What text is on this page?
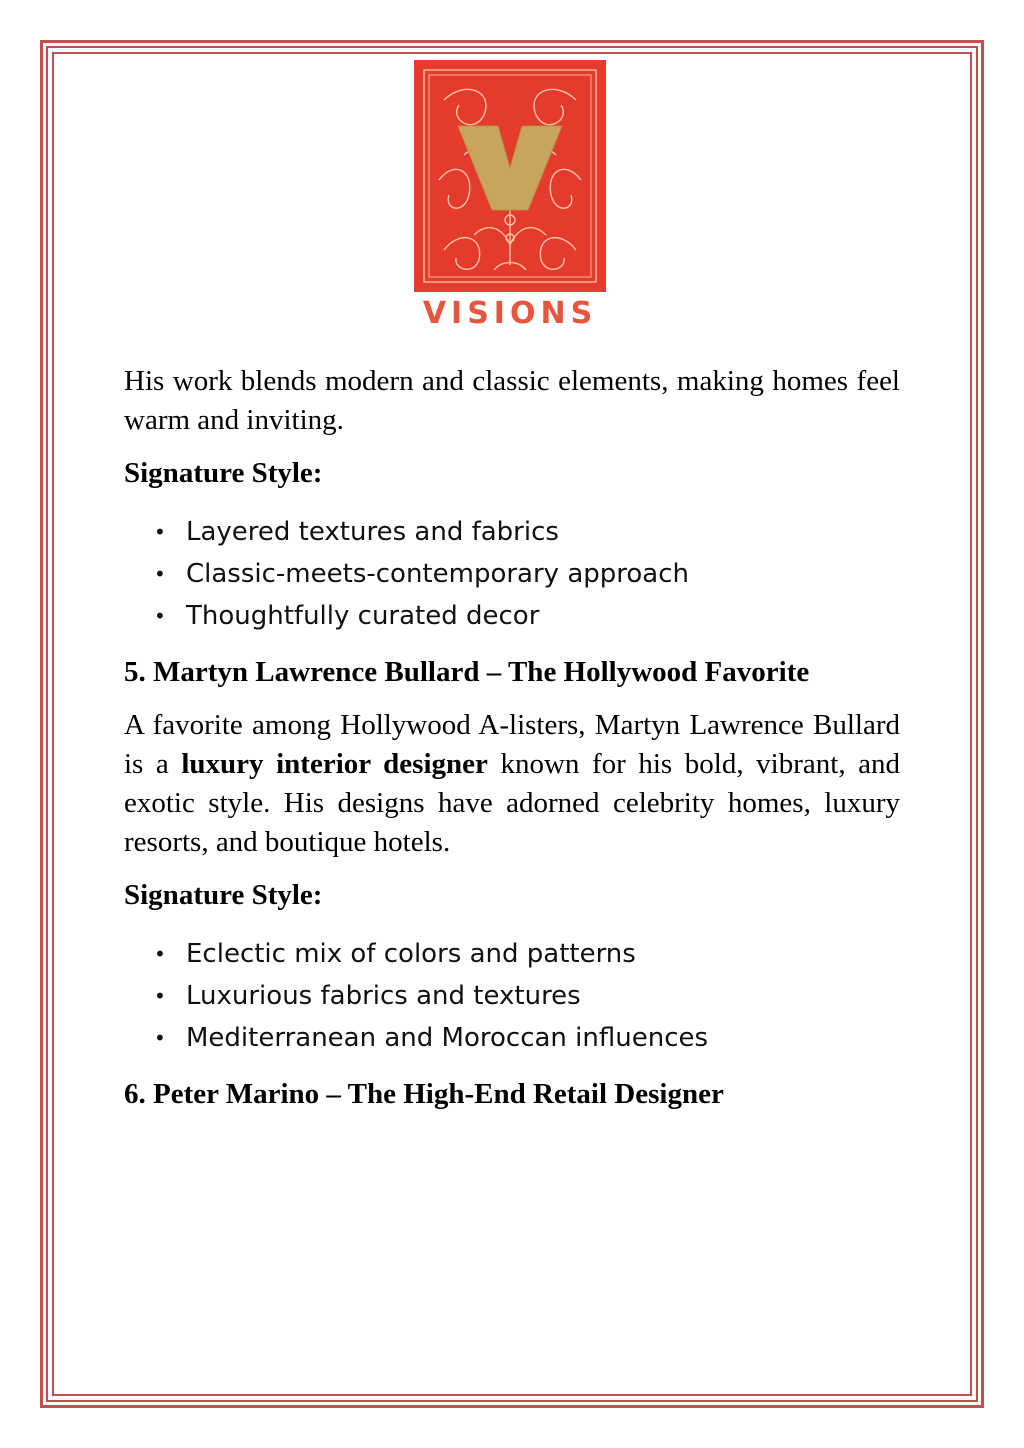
VISIONS

His work blends modern and classic elements, making homes feel warm and inviting.

Signature Style:
• Layered textures and fabrics
• Classic-meets-contemporary approach
• Thoughtfully curated decor
5. Martyn Lawrence Bullard – The Hollywood Favorite

A favorite among Hollywood A-listers, Martyn Lawrence Bullard is a luxury interior designer known for his bold, vibrant, and exotic style. His designs have adorned celebrity homes, luxury resorts, and boutique hotels.

Signature Style:
• Eclectic mix of colors and patterns
• Luxurious fabrics and textures
• Mediterranean and Moroccan influences
6. Peter Marino – The High-End Retail Designer
